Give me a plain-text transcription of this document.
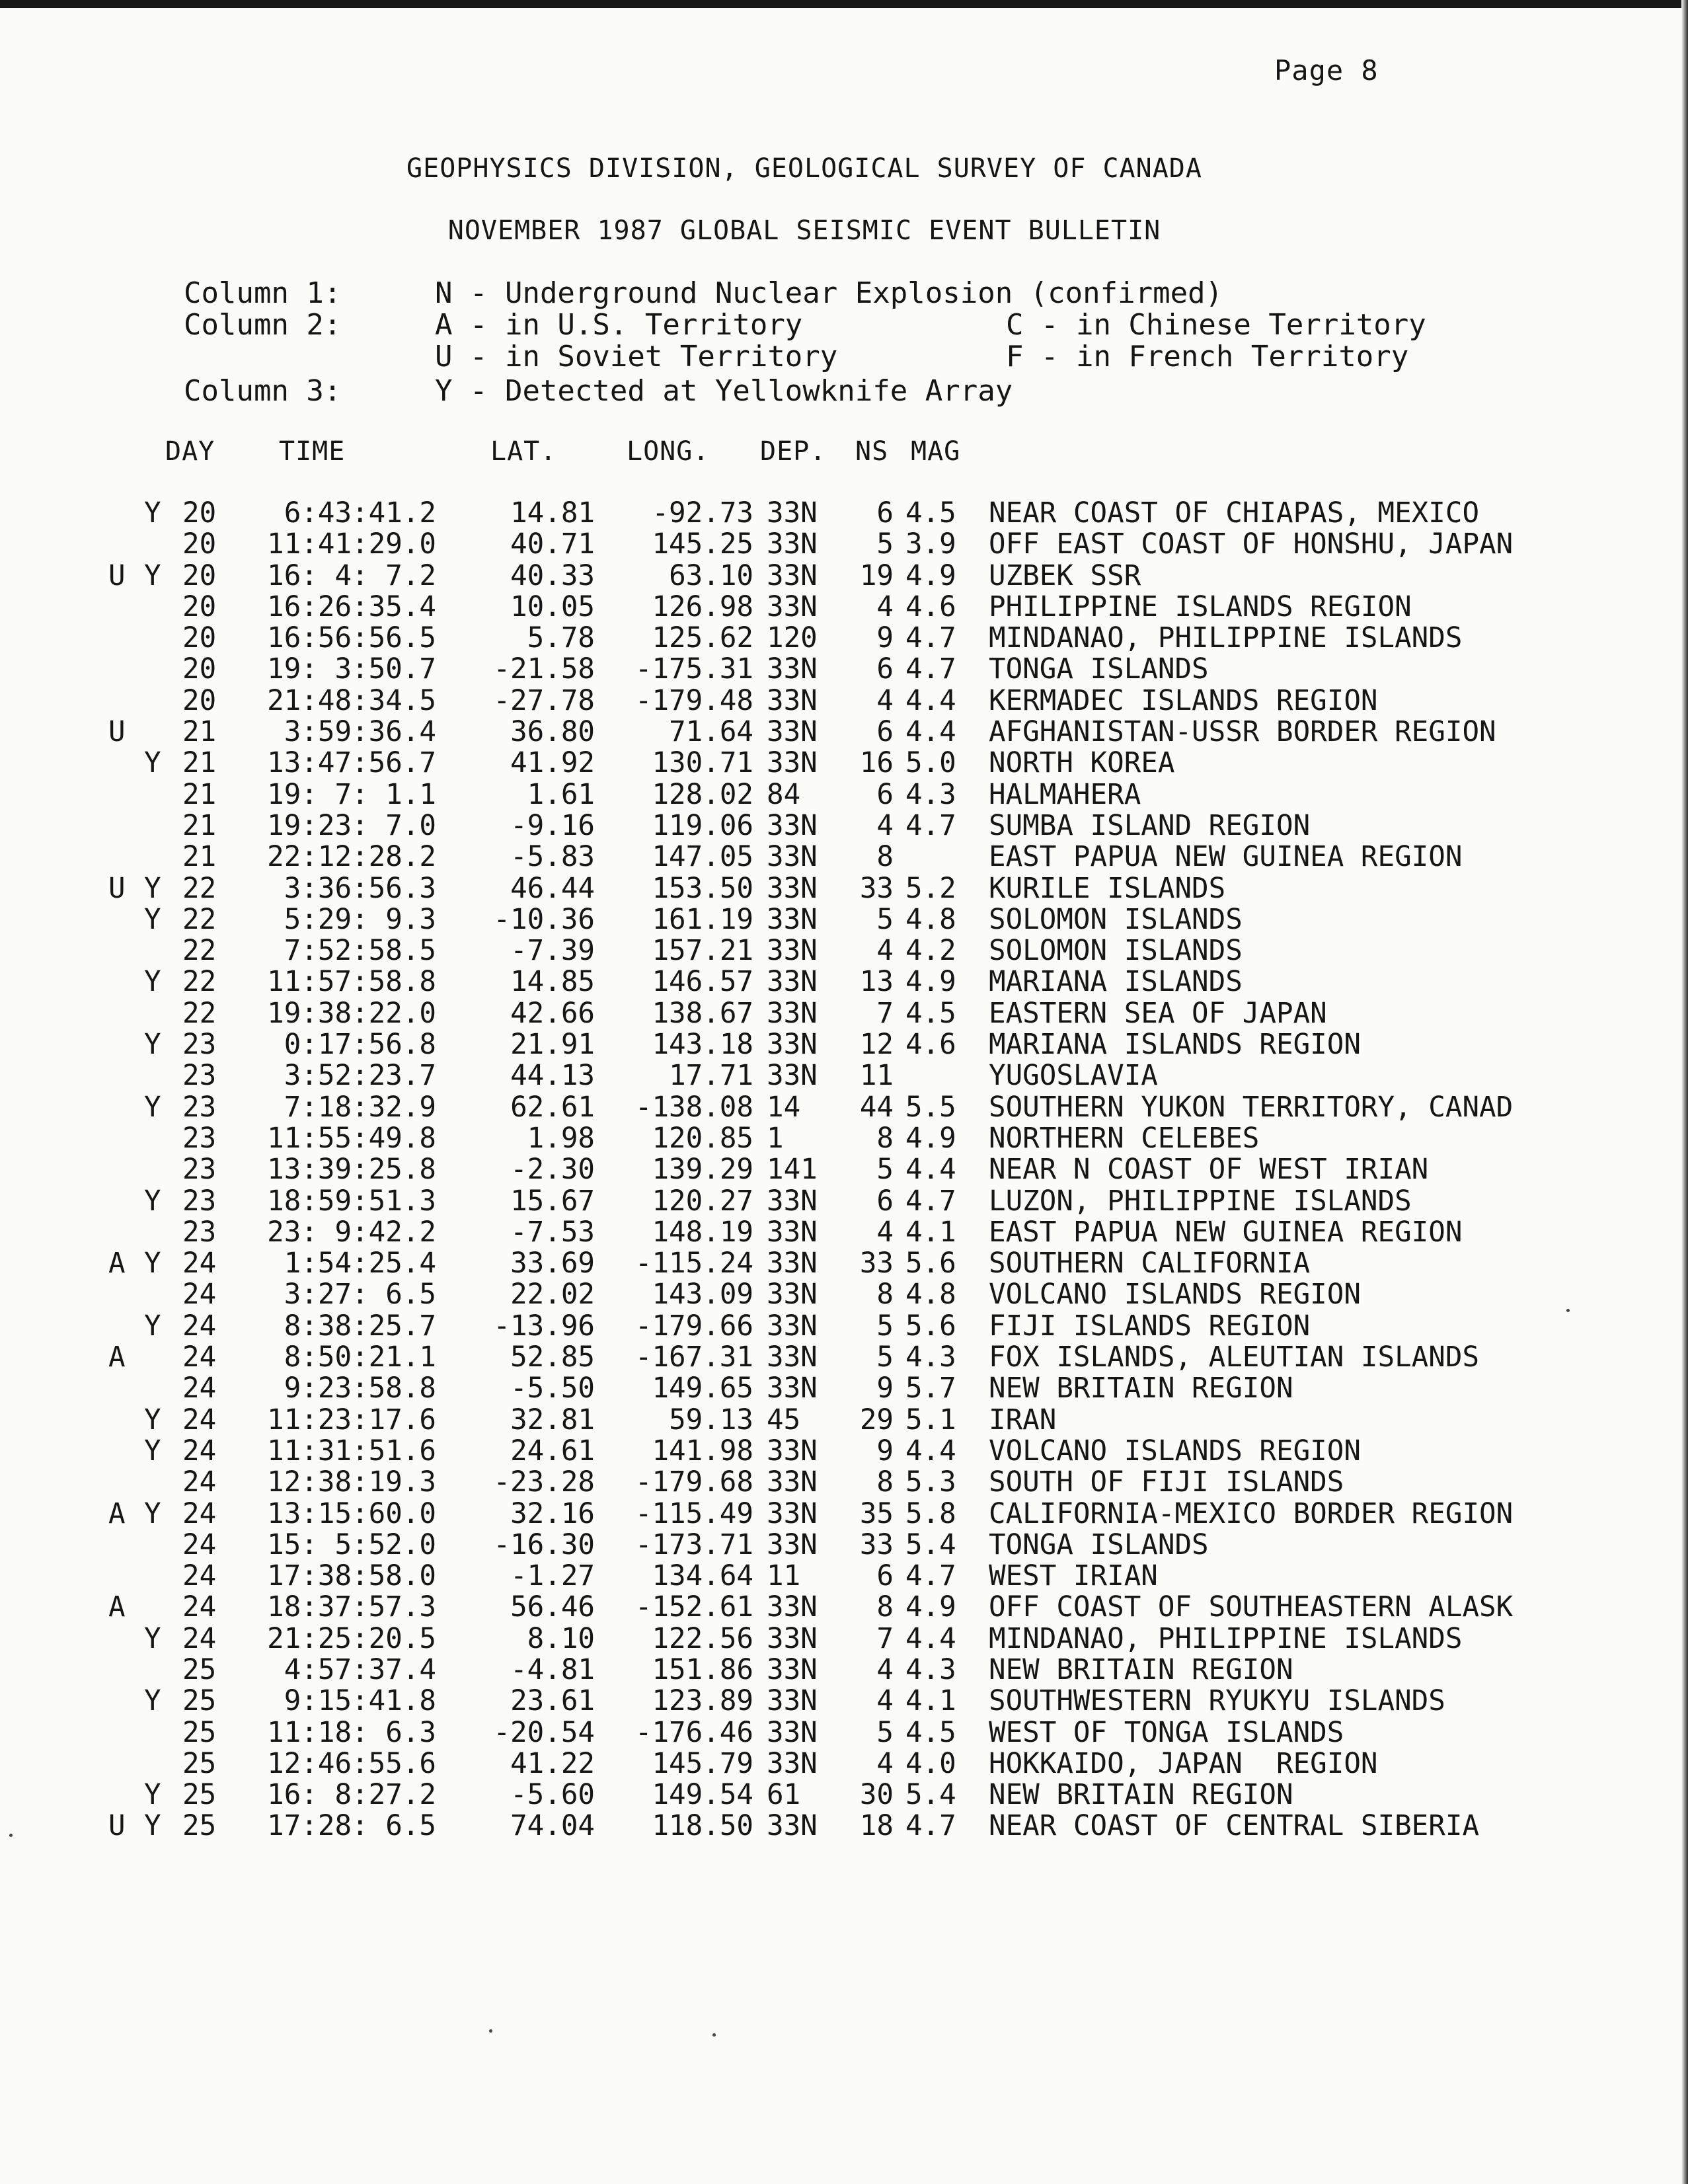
Page 8
GEOPHYSICS DIVISION, GEOLOGICAL SURVEY OF CANADA
NOVEMBER 1987 GLOBAL SEISMIC EVENT BULLETIN
Column 1:	N - Underground Nuclear Explosion (confirmed)
Column 2:	A - in U.S. Territory	C - in Chinese Territory
U - in Soviet Territory	F - in French Territory
Column 3:	Y - Detected at Yellowknife Array
DAY TIME	LAT.	LONG. DEP. NS MAG
Y 20	6:43:41.2	14.81	-92.73 33N	6 4.5	NEAR COAST OF CHIAPAS, MEXICO
20	11:41:29.0	40.71	145.25 33N	5 3.9	OFF EAST COAST OF HONSHU, JAPAN
U Y 20	16: 4: 7.2	40.33	63.10 33N	19 4.9	UZBEK SSR
20	16:26:35.4	10.05	126.98 33N	4 4.6	PHILIPPINE ISLANDS REGION
20	16:56:56.5	5.78	125.62 120	9 4.7	MINDANAO, PHILIPPINE ISLANDS
20	19: 3:50.7	-21.58	-175.31 33N	6 4.7	TONGA ISLANDS
20	21:48:34.5	-27.78	-179.48 33N	4 4.4	KERMADEC ISLANDS REGION
U	21	3:59:36.4	36.80	71.64 33N	6 4.4	AFGHANISTAN-USSR BORDER REGION
Y 21	13:47:56.7	41.92	130.71 33N	16 5.0	NORTH KOREA
21	19: 7: 1.1	1.61	128.02 84	6 4.3	HALMAHERA
21	19:23: 7.0	-9.16	119.06 33N	4 4.7	SUMBA ISLAND REGION
21	22:12:28.2	-5.83	147.05 33N	8	EAST PAPUA NEW GUINEA REGION
U Y 22	3:36:56.3	46.44	153.50 33N	33 5.2	KURILE ISLANDS
Y 22	5:29: 9.3	-10.36	161.19 33N	5 4.8	SOLOMON ISLANDS
22	7:52:58.5	-7.39	157.21 33N	4 4.2	SOLOMON ISLANDS
Y 22	11:57:58.8	14.85	146.57 33N	13 4.9	MARIANA ISLANDS
22	19:38:22.0	42.66	138.67 33N	7 4.5	EASTERN SEA OF JAPAN
Y 23	0:17:56.8	21.91	143.18 33N	12 4.6	MARIANA ISLANDS REGION
23	3:52:23.7	44.13	17.71 33N	11	YUGOSLAVIA
Y 23	7:18:32.9	62.61	-138.08 14	44 5.5	SOUTHERN YUKON TERRITORY, CANAD
23	11:55:49.8	1.98	120.85 1	8 4.9	NORTHERN CELEBES
23	13:39:25.8	-2.30	139.29 141	5 4.4	NEAR N COAST OF WEST IRIAN
Y 23	18:59:51.3	15.67	120.27 33N	6 4.7	LUZON, PHILIPPINE ISLANDS
23	23: 9:42.2	-7.53	148.19 33N	4 4.1	EAST PAPUA NEW GUINEA REGION
A Y 24	1:54:25.4	33.69	-115.24 33N	33 5.6	SOUTHERN CALIFORNIA
24	3:27: 6.5	22.02	143.09 33N	8 4.8	VOLCANO ISLANDS REGION
Y 24	8:38:25.7	-13.96	-179.66 33N	5 5.6	FIJI ISLANDS REGION
A	24	8:50:21.1	52.85	-167.31 33N	5 4.3	FOX ISLANDS, ALEUTIAN ISLANDS
24	9:23:58.8	-5.50	149.65 33N	9 5.7	NEW BRITAIN REGION
Y 24	11:23:17.6	32.81	59.13 45	29 5.1	IRAN
Y 24	11:31:51.6	24.61	141.98 33N	9 4.4	VOLCANO ISLANDS REGION
24	12:38:19.3	-23.28	-179.68 33N	8 5.3	SOUTH OF FIJI ISLANDS
A Y 24	13:15:60.0	32.16	-115.49 33N	35 5.8	CALIFORNIA-MEXICO BORDER REGION
24	15: 5:52.0	-16.30	-173.71 33N	33 5.4	TONGA ISLANDS
24	17:38:58.0	-1.27	134.64 11	6 4.7	WEST IRIAN
A	24	18:37:57.3	56.46	-152.61 33N	8 4.9	OFF COAST OF SOUTHEASTERN ALASK
Y 24	21:25:20.5	8.10	122.56 33N	7 4.4	MINDANAO, PHILIPPINE ISLANDS
25	4:57:37.4	-4.81	151.86 33N	4 4.3	NEW BRITAIN REGION
Y 25	9:15:41.8	23.61	123.89 33N	4 4.1	SOUTHWESTERN RYUKYU ISLANDS
25	11:18: 6.3	-20.54	-176.46 33N	5 4.5	WEST OF TONGA ISLANDS
25	12:46:55.6	41.22	145.79 33N	4 4.0	HOKKAIDO, JAPAN  REGION
Y 25	16: 8:27.2	-5.60	149.54 61	30 5.4	NEW BRITAIN REGION
U Y 25	17:28: 6.5	74.04	118.50 33N	18 4.7	NEAR COAST OF CENTRAL SIBERIA
